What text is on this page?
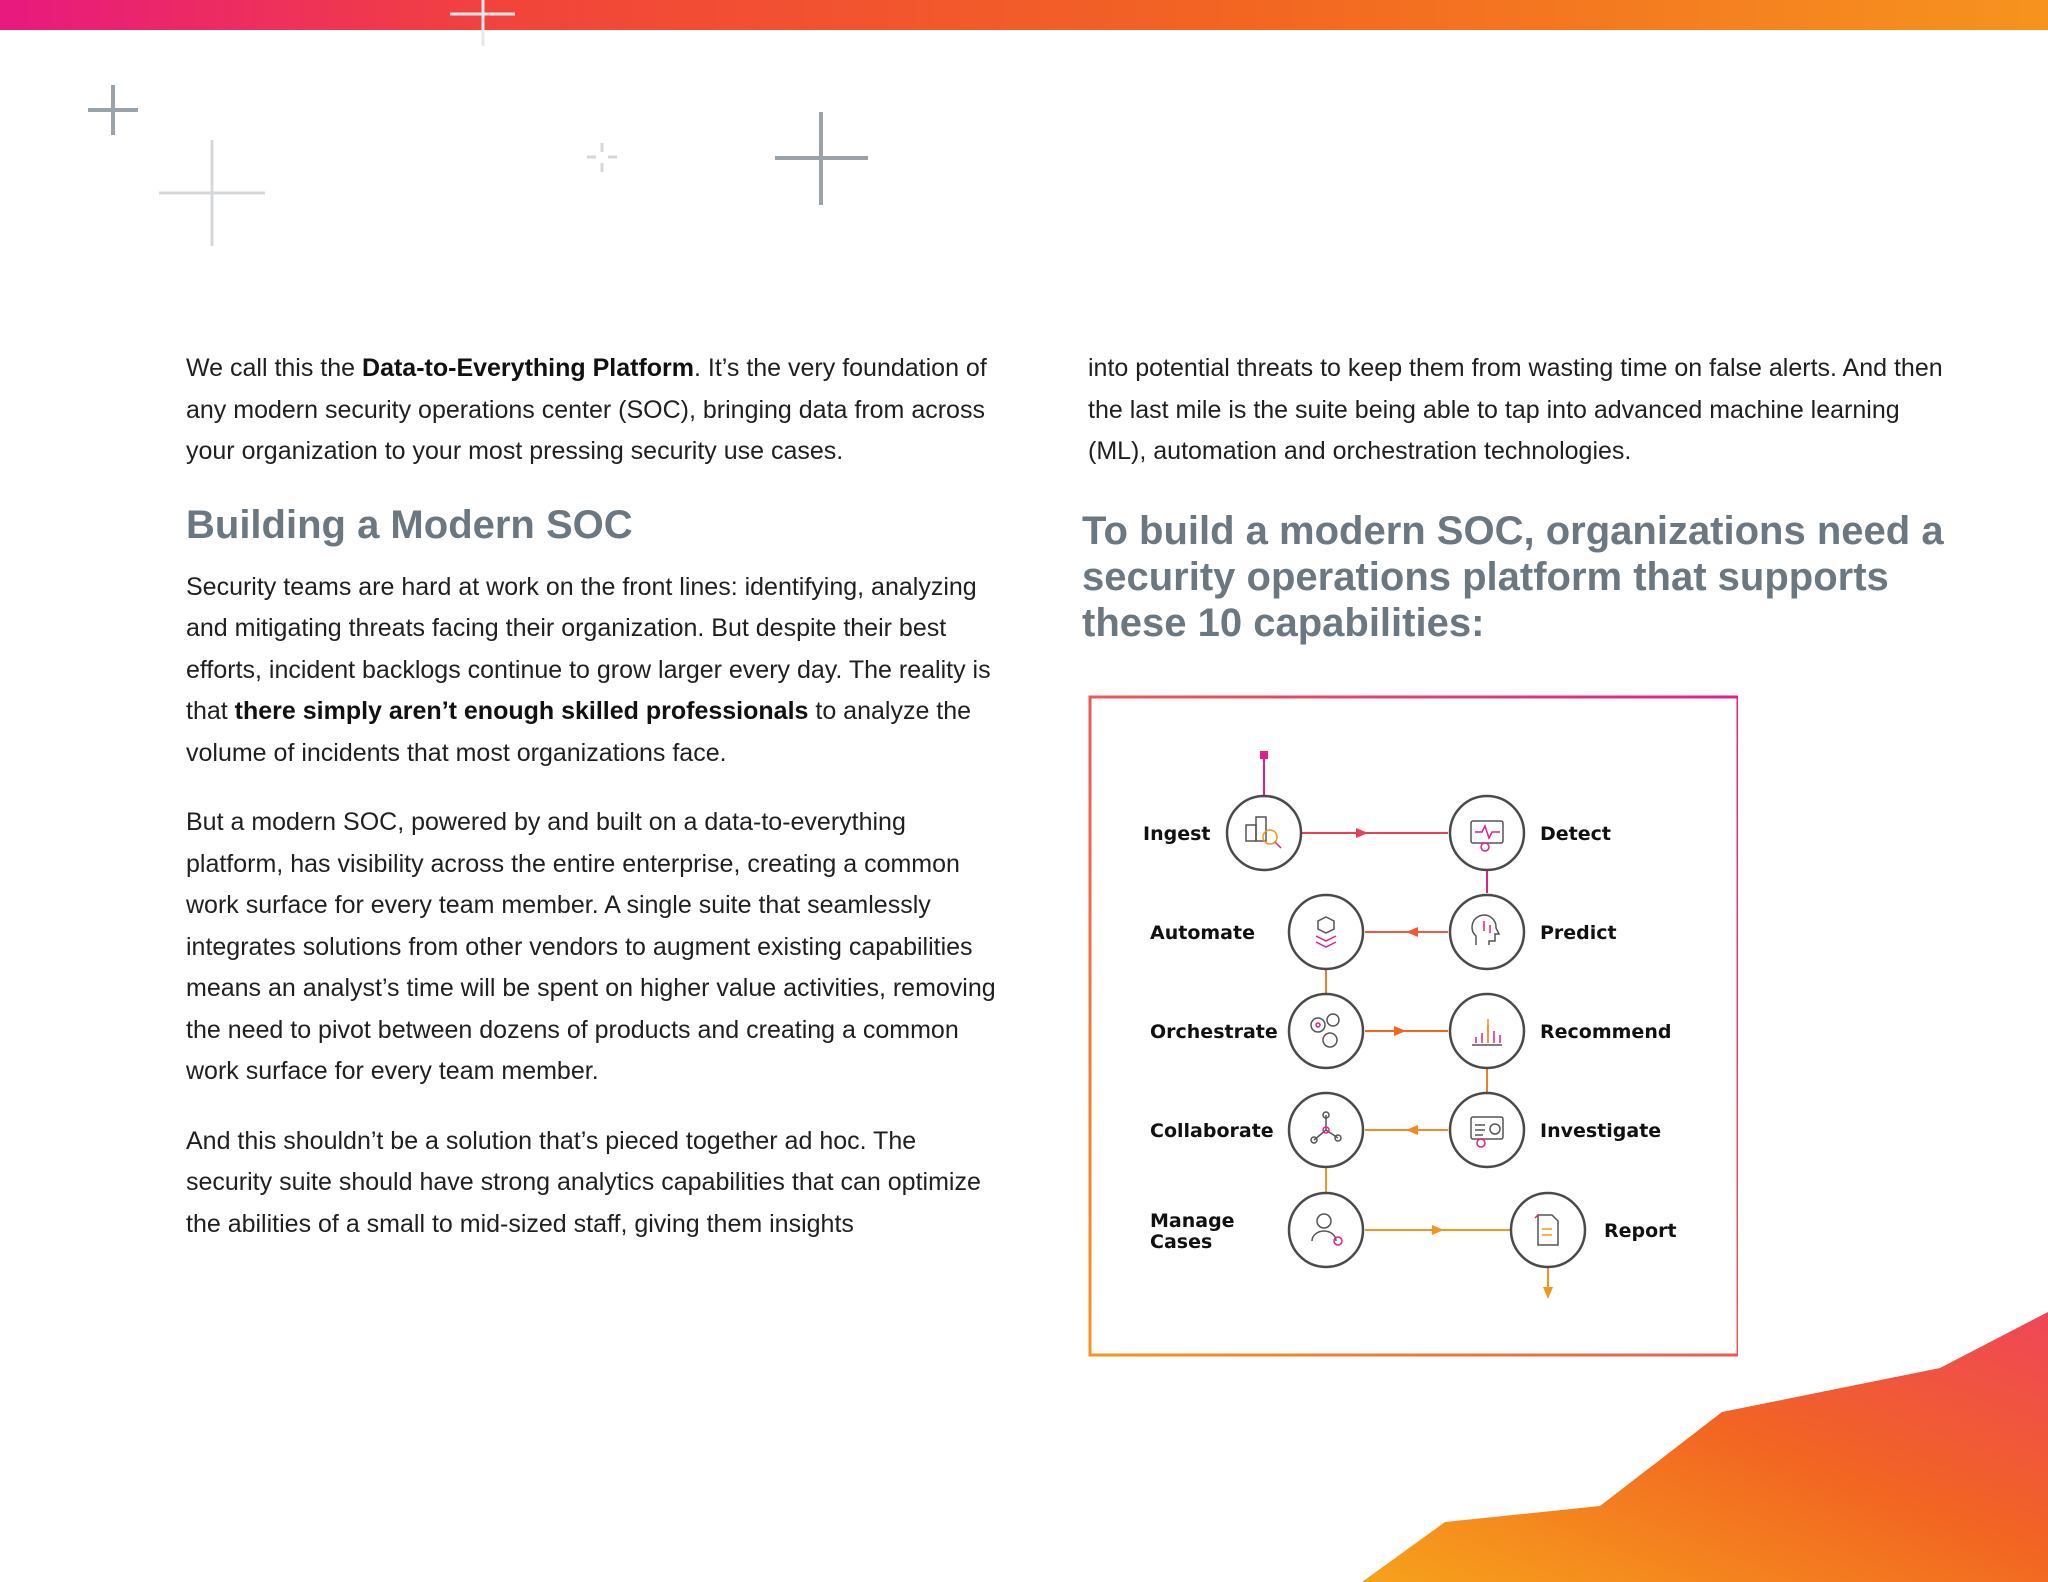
We call this the Data-to-Everything Platform. It’s the very foundation of any modern security operations center (SOC), bringing data from across your organization to your most pressing security use cases.

Building a Modern SOC

Security teams are hard at work on the front lines: identifying, analyzing and mitigating threats facing their organization. But despite their best efforts, incident backlogs continue to grow larger every day. The reality is that there simply aren’t enough skilled professionals to analyze the volume of incidents that most organizations face.

But a modern SOC, powered by and built on a data-to-everything platform, has visibility across the entire enterprise, creating a common work surface for every team member. A single suite that seamlessly integrates solutions from other vendors to augment existing capabilities means an analyst’s time will be spent on higher value activities, removing the need to pivot between dozens of products and creating a common work surface for every team member.

And this shouldn’t be a solution that’s pieced together ad hoc. The security suite should have strong analytics capabilities that can optimize the abilities of a small to mid-sized staff, giving them insights

into potential threats to keep them from wasting time on false alerts. And then the last mile is the suite being able to tap into advanced machine learning (ML), automation and orchestration technologies.

To build a modern SOC, organizations need a security operations platform that supports these 10 capabilities:
Ingest	Detect
Predict
Automate
Orchestrate	Recommend
Investigate
Collaborate
Manage
Cases	Report
